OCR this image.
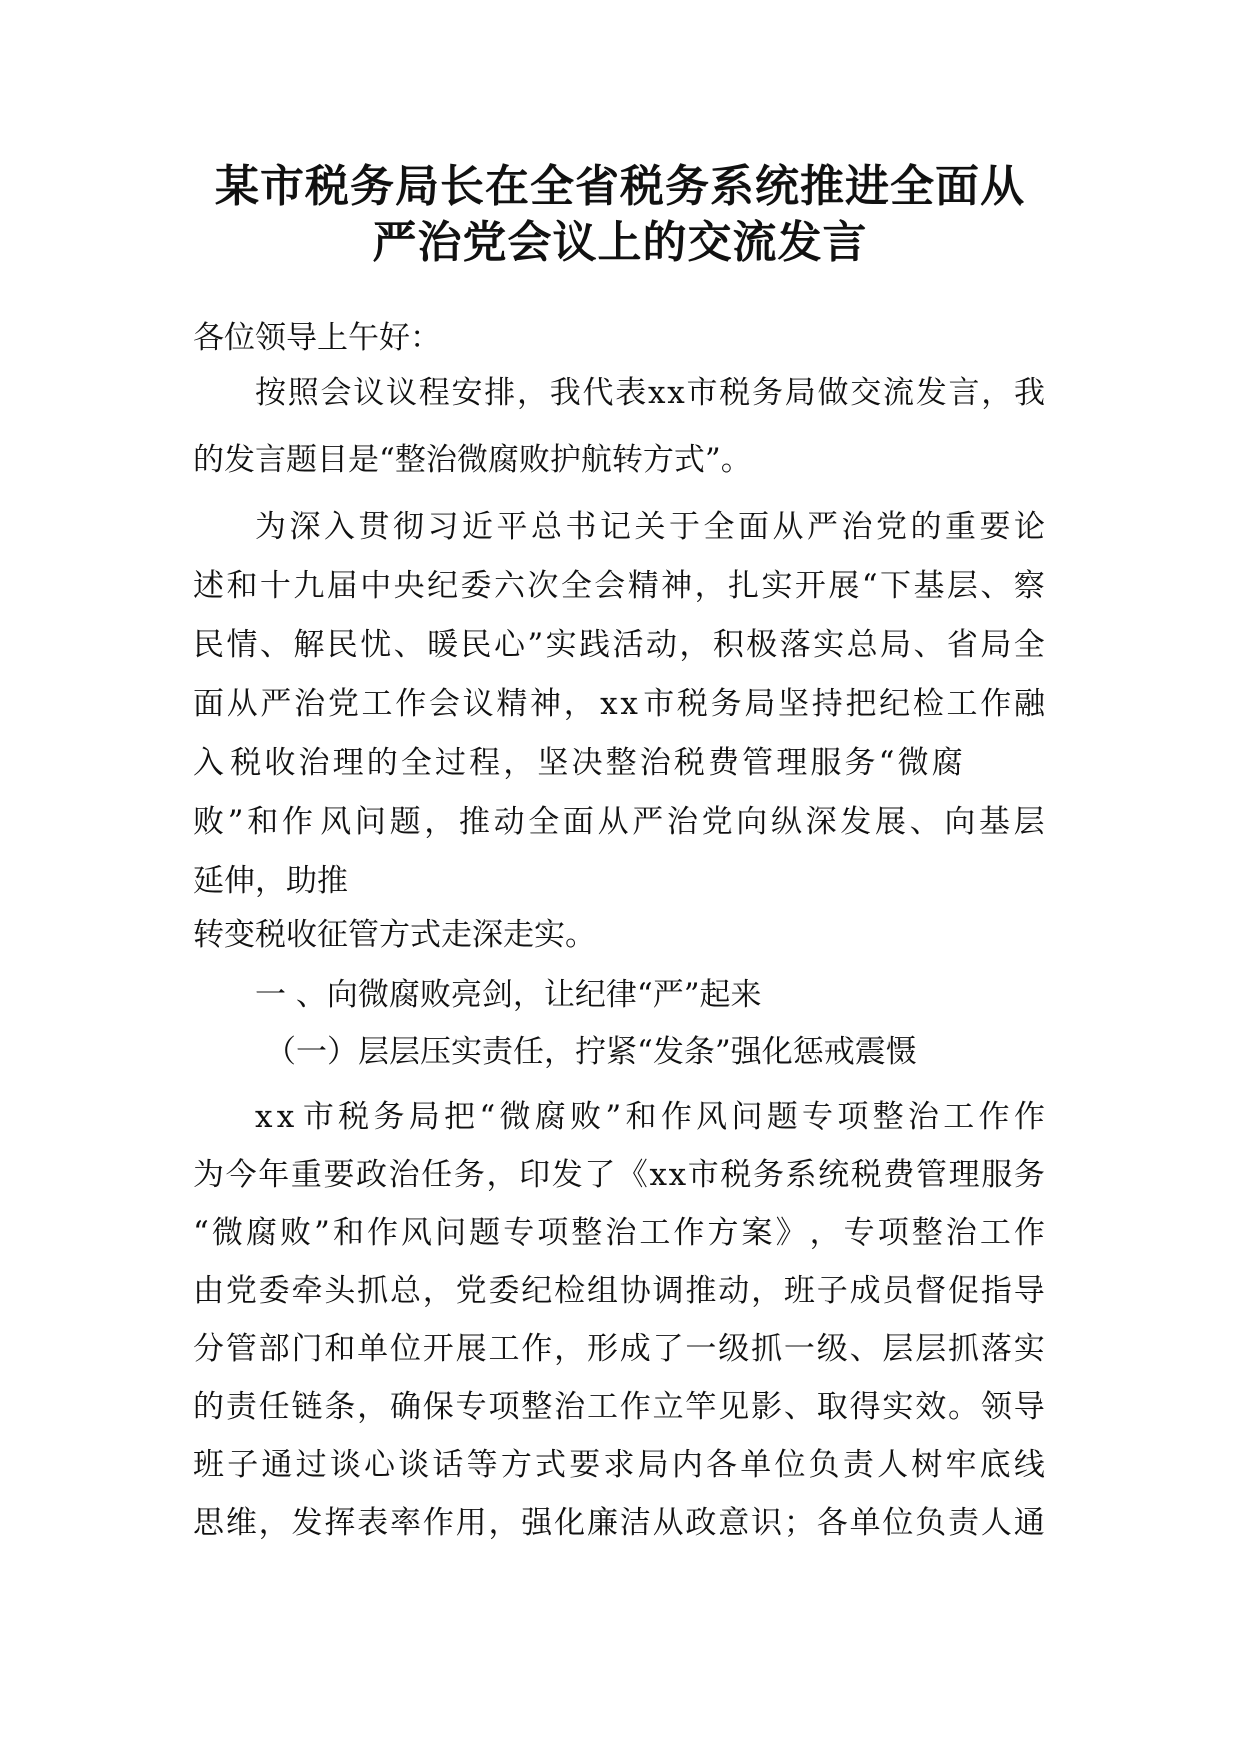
某市税务局长在全省税务系统推进全面从
严治党会议上的交流发言
各位领导上午好：
按 照 会 议 议 程 安 排 ， 我 代 表 x x 市 税 务 局 做 交 流 发 言 ， 我
的发言题目是“整治微腐败护航转方式”。
为 深 入 贯 彻 习 近 平 总 书 记 关 于 全 面 从 严 治 党 的 重 要 论
述 和 十 九 届 中 央 纪 委 六 次 全 会 精 神 ， 扎 实 开 展 “ 下 基 层 、 察
民 情 、 解 民 忧 、 暖 民 心 ” 实 践 活 动 ， 积 极 落 实 总 局 、 省 局 全
面 从 严 治 党 工 作 会 议 精 神 ， x x 市 税 务 局 坚 持 把 纪 检 工 作 融
入 税 收 治 理 的 全 过 程 ， 坚 决 整 治 税 费 管 理 服 务 “ 微 腐
败 ” 和 作 风 问 题 ， 推 动 全 面 从 严 治 党 向 纵 深 发 展 、 向 基 层
延伸，助推
转变税收征管方式走深走实。
一 、向微腐败亮剑，让纪律“严”起来
（一）层层压实责任，拧紧“发条”强化惩戒震慑
x x 市 税 务 局 把 “ 微 腐 败 ” 和 作 风 问 题 专 项 整 治 工 作 作
为 今 年 重 要 政 治 任 务 ， 印 发 了 《 x x 市 税 务 系 统 税 费 管 理 服 务
“ 微 腐 败 ” 和 作 风 问 题 专 项 整 治 工 作 方 案 》 ， 专 项 整 治 工 作
由 党 委 牵 头 抓 总 ， 党 委 纪 检 组 协 调 推 动 ， 班 子 成 员 督 促 指 导
分 管 部 门 和 单 位 开 展 工 作 ， 形 成 了 一 级 抓 一 级 、 层 层 抓 落 实
的 责 任 链 条 ， 确 保 专 项 整 治 工 作 立 竿 见 影 、 取 得 实 效 。 领 导
班 子 通 过 谈 心 谈 话 等 方 式 要 求 局 内 各 单 位 负 责 人 树 牢 底 线
思 维 ， 发 挥 表 率 作 用 ， 强 化 廉 洁 从 政 意 识 ； 各 单 位 负 责 人 通
